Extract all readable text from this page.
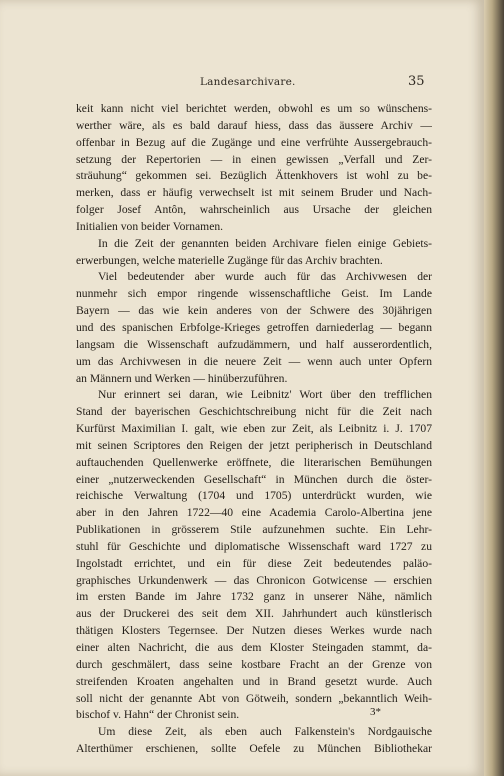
Landesarchivare.	35
keit kann nicht viel berichtet werden, obwohl es um so wünschens-
werther wäre, als es bald darauf hiess, dass das äussere Archiv —
offenbar in Bezug auf die Zugänge und eine verfrühte Aussergebrauch-
setzung der Repertorien — in einen gewissen „Verfall und Zer-
sträuhung“ gekommen sei. Bezüglich Ättenkhovers ist wohl zu be-
merken, dass er häufig verwechselt ist mit seinem Bruder und Nach-
folger Josef Antôn, wahrscheinlich aus Ursache der gleichen
Initialien von beider Vornamen.
In die Zeit der genannten beiden Archivare fielen einige Gebiets-
erwerbungen, welche materielle Zugänge für das Archiv brachten.
Viel bedeutender aber wurde auch für das Archivwesen der
nunmehr sich empor ringende wissenschaftliche Geist. Im Lande
Bayern — das wie kein anderes von der Schwere des 30jährigen
und des spanischen Erbfolge-Krieges getroffen darniederlag — begann
langsam die Wissenschaft aufzudämmern, und half ausserordentlich,
um das Archivwesen in die neuere Zeit — wenn auch unter Opfern
an Männern und Werken — hinüberzuführen.
Nur erinnert sei daran, wie Leibnitz' Wort über den trefflichen
Stand der bayerischen Geschichtschreibung nicht für die Zeit nach
Kurfürst Maximilian I. galt, wie eben zur Zeit, als Leibnitz i. J. 1707
mit seinen Scriptores den Reigen der jetzt peripherisch in Deutschland
auftauchenden Quellenwerke eröffnete, die literarischen Bemühungen
einer „nutzerweckenden Gesellschaft“ in München durch die öster-
reichische Verwaltung (1704 und 1705) unterdrückt wurden, wie
aber in den Jahren 1722—40 eine Academia Carolo-Albertina jene
Publikationen in grösserem Stile aufzunehmen suchte. Ein Lehr-
stuhl für Geschichte und diplomatische Wissenschaft ward 1727 zu
Ingolstadt errichtet, und ein für diese Zeit bedeutendes paläo-
graphisches Urkundenwerk — das Chronicon Gotwicense — erschien
im ersten Bande im Jahre 1732 ganz in unserer Nähe, nämlich
aus der Druckerei des seit dem XII. Jahrhundert auch künstlerisch
thätigen Klosters Tegernsee. Der Nutzen dieses Werkes wurde nach
einer alten Nachricht, die aus dem Kloster Steingaden stammt, da-
durch geschmälert, dass seine kostbare Fracht an der Grenze von
streifenden Kroaten angehalten und in Brand gesetzt wurde. Auch
soll nicht der genannte Abt von Götweih, sondern „bekanntlich Weih-
bischof v. Hahn“ der Chronist sein.
Um diese Zeit, als eben auch Falkenstein's Nordgauische
Alterthümer erschienen, sollte Oefele zu München Bibliothekar
3*
